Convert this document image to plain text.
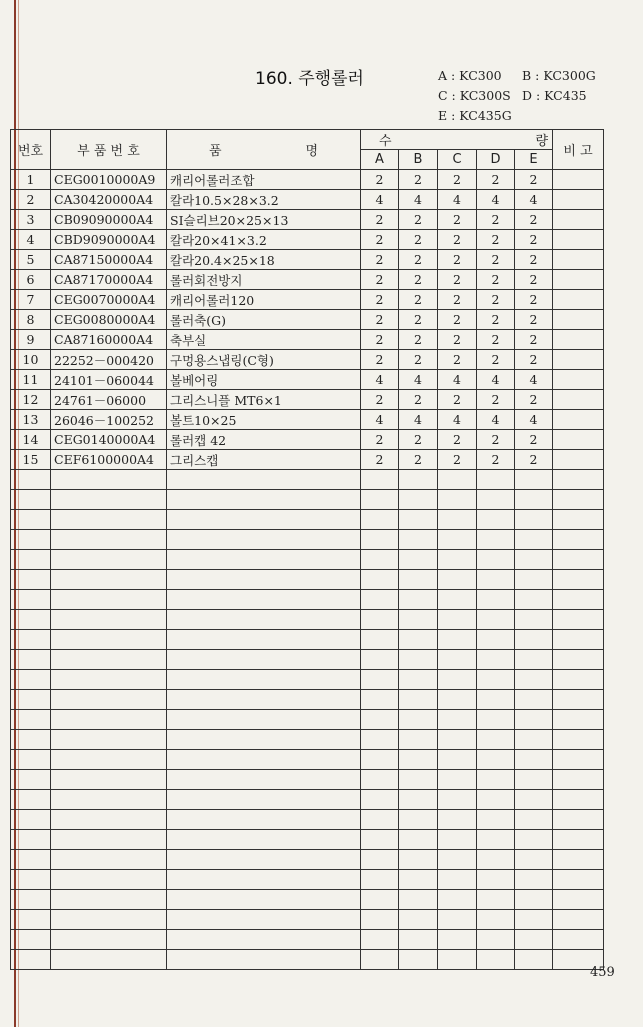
160. 주행롤러	A : KC300 B : KC300G
C : KC300S D : KC435
E : KC435G
번호	부 품 번 호	품 명	수 량					비 고
			A	B	C	D	E	
1	CEG0010000A9	캐리어롤러조합	2	2	2	2	2	
2	CA30420000A4	칼라10.5×28×3.2	4	4	4	4	4	
3	CB09090000A4	SI슬리브20×25×13	2	2	2	2	2	
4	CBD9090000A4	칼라20×41×3.2	2	2	2	2	2	
5	CA87150000A4	칼라20.4×25×18	2	2	2	2	2	
6	CA87170000A4	롤러회전방지	2	2	2	2	2	
7	CEG0070000A4	캐리어롤러120	2	2	2	2	2	
8	CEG0080000A4	롤러축(G)	2	2	2	2	2	
9	CA87160000A4	축부실	2	2	2	2	2	
10	22252－000420	구멍용스냅링(C형)	2	2	2	2	2	
11	24101－060044	볼베어링	4	4	4	4	4	
12	24761－06000	그리스니플 MT6×1	2	2	2	2	2	
13	26046－100252	볼트10×25	4	4	4	4	4	
14	CEG0140000A4	롤러캡 42	2	2	2	2	2	
15	CEF6100000A4	그리스캡	2	2	2	2	2	

459
